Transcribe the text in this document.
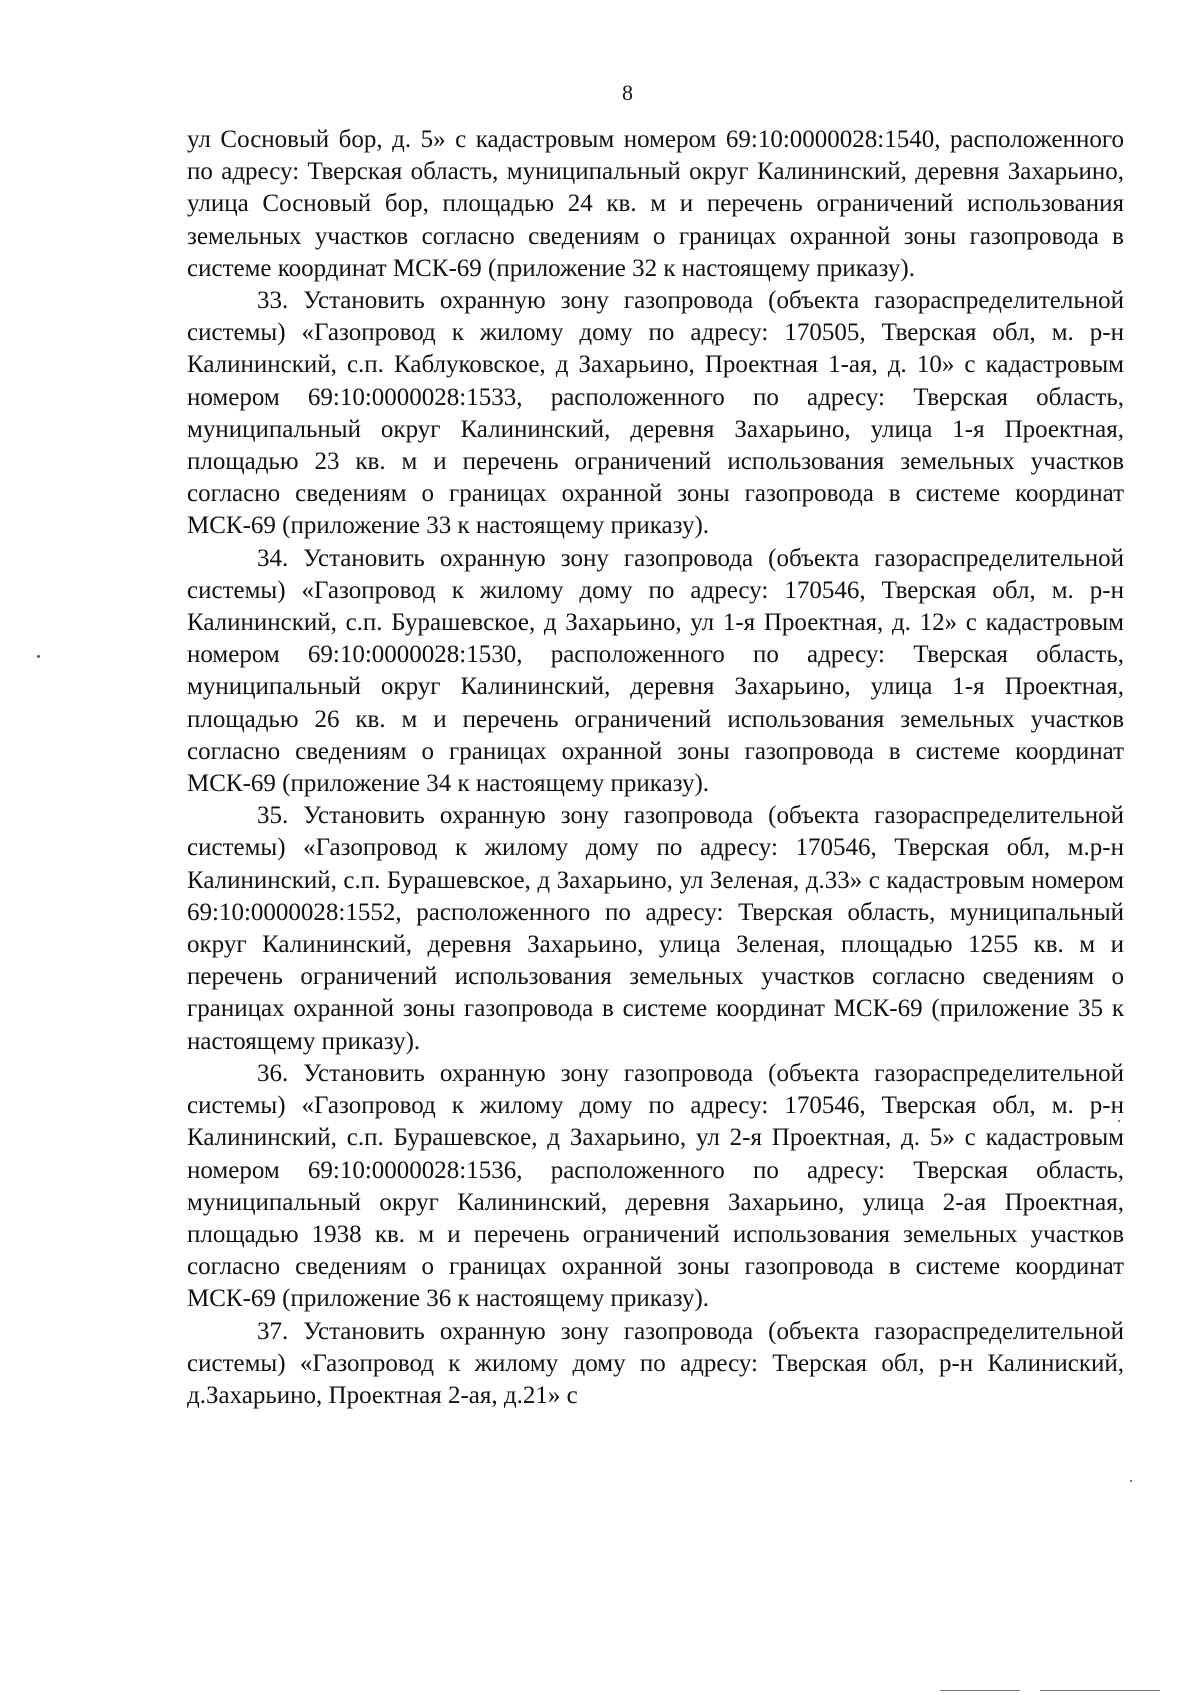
8

ул Сосновый бор, д. 5» с кадастровым номером 69:10:0000028:1540, расположенного по адресу: Тверская область, муниципальный округ Калининский, деревня Захарьино, улица Сосновый бор, площадью 24 кв. м и перечень ограничений использования земельных участков согласно сведениям о границах охранной зоны газопровода в системе координат МСК-69 (приложение 32 к настоящему приказу).

33. Установить охранную зону газопровода (объекта газораспределительной системы) «Газопровод к жилому дому по адресу: 170505, Тверская обл, м. р-н Калининский, с.п. Каблуковское, д Захарьино, Проектная 1-ая, д. 10» с кадастровым номером 69:10:0000028:1533, расположенного по адресу: Тверская область, муниципальный округ Калининский, деревня Захарьино, улица 1-я Проектная, площадью 23 кв. м и перечень ограничений использования земельных участков согласно сведениям о границах охранной зоны газопровода в системе координат МСК-69 (приложение 33 к настоящему приказу).

34. Установить охранную зону газопровода (объекта газораспределительной системы) «Газопровод к жилому дому по адресу: 170546, Тверская обл, м. р-н Калининский, с.п. Бурашевское, д Захарьино, ул 1-я Проектная, д. 12» с кадастровым номером 69:10:0000028:1530, расположенного по адресу: Тверская область, муниципальный округ Калининский, деревня Захарьино, улица 1-я Проектная, площадью 26 кв. м и перечень ограничений использования земельных участков согласно сведениям о границах охранной зоны газопровода в системе координат МСК-69 (приложение 34 к настоящему приказу).

35. Установить охранную зону газопровода (объекта газораспределительной системы) «Газопровод к жилому дому по адресу: 170546, Тверская обл, м.р-н Калининский, с.п. Бурашевское, д Захарьино, ул Зеленая, д.33» с кадастровым номером 69:10:0000028:1552, расположенного по адресу: Тверская область, муниципальный округ Калининский, деревня Захарьино, улица Зеленая, площадью 1255 кв. м и перечень ограничений использования земельных участков согласно сведениям о границах охранной зоны газопровода в системе координат МСК-69 (приложение 35 к настоящему приказу).

36. Установить охранную зону газопровода (объекта газораспределительной системы) «Газопровод к жилому дому по адресу: 170546, Тверская обл, м. р-н Калининский, с.п. Бурашевское, д Захарьино, ул 2-я Проектная, д. 5» с кадастровым номером 69:10:0000028:1536, расположенного по адресу: Тверская область, муниципальный округ Калининский, деревня Захарьино, улица 2-ая Проектная, площадью 1938 кв. м и перечень ограничений использования земельных участков согласно сведениям о границах охранной зоны газопровода в системе координат МСК-69 (приложение 36 к настоящему приказу).

37. Установить охранную зону газопровода (объекта газораспределительной системы) «Газопровод к жилому дому по адресу: Тверская обл, р-н Калиниский, д.Захарьино, Проектная 2-ая, д.21» с
